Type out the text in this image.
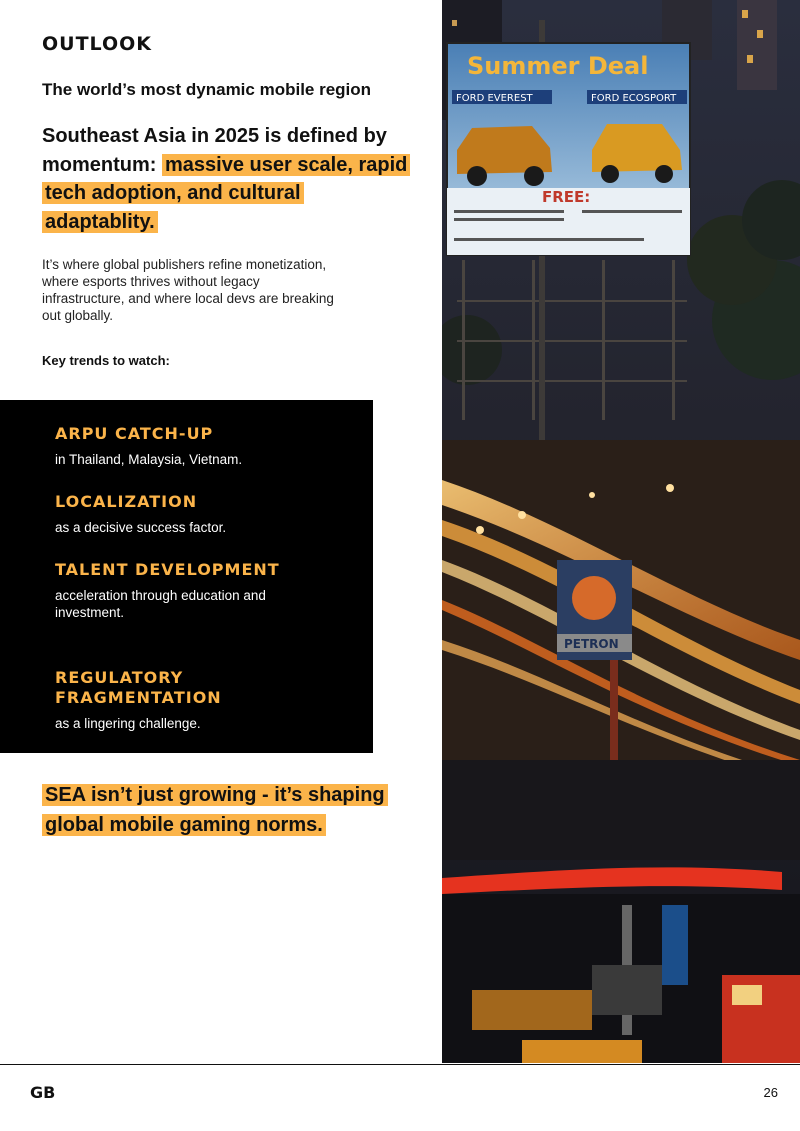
OUTLOOK
The world’s most dynamic mobile region
Southeast Asia in 2025 is defined by momentum: massive user scale, rapid tech adoption, and cultural adaptablity.
It’s where global publishers refine monetization, where esports thrives without legacy infrastructure, and where local devs are breaking out globally.
Key trends to watch:
ARPU CATCH-UP
in Thailand, Malaysia, Vietnam.
LOCALIZATION
as a decisive success factor.
TALENT DEVELOPMENT
acceleration through education and investment.
REGULATORY FRAGMENTATION
as a lingering challenge.
SEA isn’t just growing - it’s shaping global mobile gaming norms.
Summer Deal
FORD EVEREST	FORD ECOSPORT
FREE:
PETRON
GB	26
